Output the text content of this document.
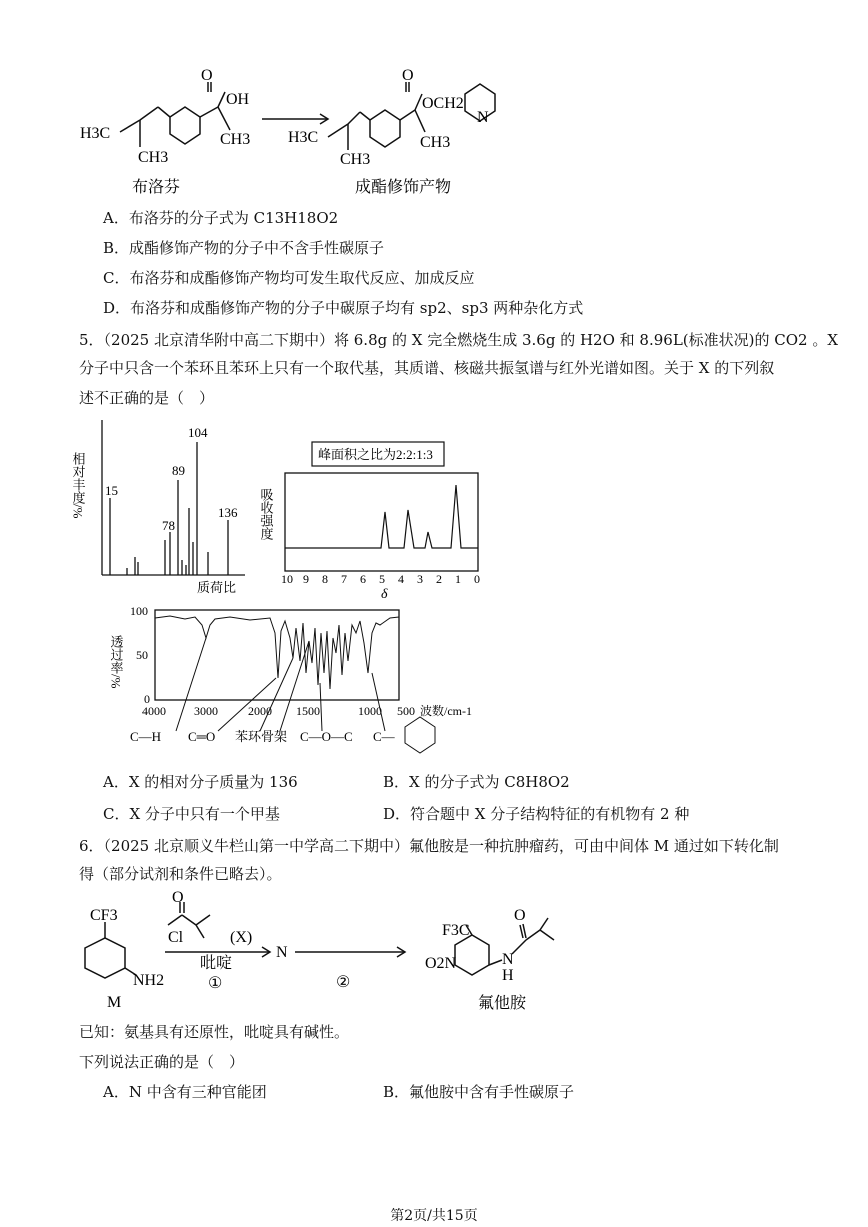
O
OH
H3C
CH3
CH3
O
OCH2
N
H3C
CH3
CH3
布洛芬	成酯修饰产物
A．布洛芬的分子式为 C13H18O2
B．成酯修饰产物的分子中不含手性碳原子
C．布洛芬和成酯修饰产物均可发生取代反应、加成反应
D．布洛芬和成酯修饰产物的分子中碳原子均有 sp2、sp3 两种杂化方式
5．（2025 北京清华附中高二下期中）将 6.8g 的 X 完全燃烧生成 3.6g 的 H2O 和 8.96L(标准状况)的 CO2 。X
分子中只含一个苯环且苯环上只有一个取代基，其质谱、核磁共振氢谱与红外光谱如图。关于 X 的下列叙
述不正确的是（　）
相对丰度/% 15
78
89
104
136
质荷比
峰面积之比为2:2:1:3
吸收强度
10 9 8 7 6 5 4 3 2 1 0
δ
100
50
0
透过率/%
4000 3000	2000 1500	1000 500 波数/cm-1
C—H C═O 苯环骨架 C—O—C C—
A．X 的相对分子质量为 136	B．X 的分子式为 C8H8O2
C．X 分子中只有一个甲基	D．符合题中 X 分子结构特征的有机物有 2 种
6．（2025 北京顺义牛栏山第一中学高二下期中）氟他胺是一种抗肿瘤药，可由中间体 M 通过如下转化制
得（部分试剂和条件已略去）。
CF3
NH2
M
O
Cl	(X)
吡啶
①
N
②
F3C
O2N
O
N
H
氟他胺
已知：氨基具有还原性，吡啶具有碱性。
下列说法正确的是（　）
A．N 中含有三种官能团	B．氟他胺中含有手性碳原子
第2页/共15页
